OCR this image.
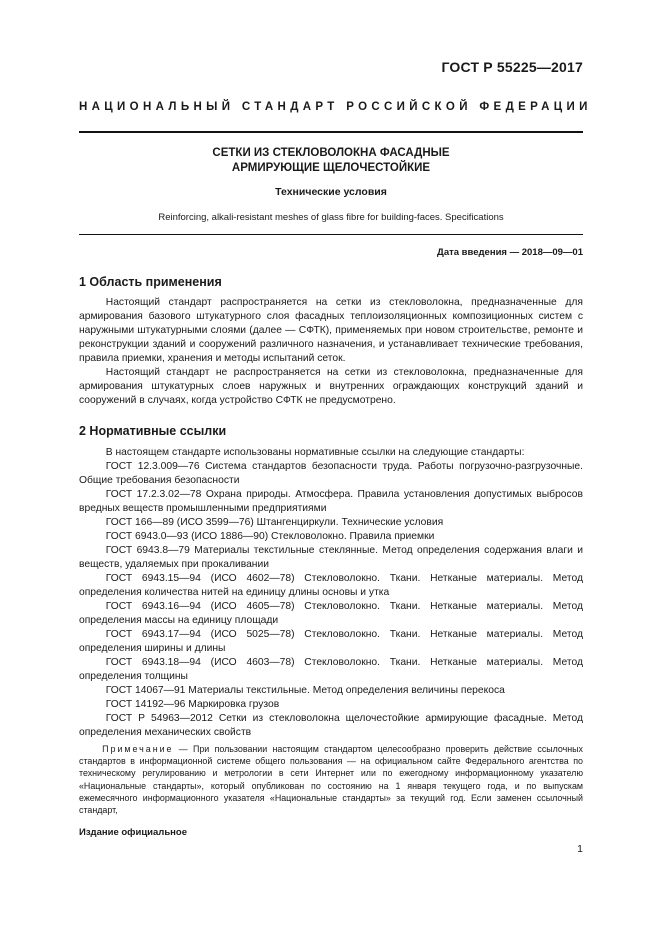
ГОСТ Р 55225—2017
НАЦИОНАЛЬНЫЙ СТАНДАРТ РОССИЙСКОЙ ФЕДЕРАЦИИ
СЕТКИ ИЗ СТЕКЛОВОЛОКНА ФАСАДНЫЕ
АРМИРУЮЩИЕ ЩЕЛОЧЕСТОЙКИЕ
Технические условия
Reinforcing, alkali-resistant meshes of glass fibre for building-faces. Specifications
Дата введения — 2018—09—01
1 Область применения

Настоящий стандарт распространяется на сетки из стекловолокна, предназначенные для армирования базового штукатурного слоя фасадных теплоизоляционных композиционных систем с наружными штукатурными слоями (далее — СФТК), применяемых при новом строительстве, ремонте и реконструкции зданий и сооружений различного назначения, и устанавливает технические требования, правила приемки, хранения и методы испытаний сеток.

Настоящий стандарт не распространяется на сетки из стекловолокна, предназначенные для армирования штукатурных слоев наружных и внутренних ограждающих конструкций зданий и сооружений в случаях, когда устройство СФТК не предусмотрено.

2 Нормативные ссылки

В настоящем стандарте использованы нормативные ссылки на следующие стандарты:

ГОСТ 12.3.009—76 Система стандартов безопасности труда. Работы погрузочно-разгрузочные. Общие требования безопасности

ГОСТ 17.2.3.02—78 Охрана природы. Атмосфера. Правила установления допустимых выбросов вредных веществ промышленными предприятиями

ГОСТ 166—89 (ИСО 3599—76) Штангенциркули. Технические условия

ГОСТ 6943.0—93 (ИСО 1886—90) Стекловолокно. Правила приемки

ГОСТ 6943.8—79 Материалы текстильные стеклянные. Метод определения содержания влаги и веществ, удаляемых при прокаливании

ГОСТ 6943.15—94 (ИСО 4602—78) Стекловолокно. Ткани. Нетканые материалы. Метод определения количества нитей на единицу длины основы и утка

ГОСТ 6943.16—94 (ИСО 4605—78) Стекловолокно. Ткани. Нетканые материалы. Метод определения массы на единицу площади

ГОСТ 6943.17—94 (ИСО 5025—78) Стекловолокно. Ткани. Нетканые материалы. Метод определения ширины и длины

ГОСТ 6943.18—94 (ИСО 4603—78) Стекловолокно. Ткани. Нетканые материалы. Метод определения толщины

ГОСТ 14067—91 Материалы текстильные. Метод определения величины перекоса

ГОСТ 14192—96 Маркировка грузов

ГОСТ Р 54963—2012 Сетки из стекловолокна щелочестойкие армирующие фасадные. Метод определения механических свойств

Примечание — При пользовании настоящим стандартом целесообразно проверить действие ссылочных стандартов в информационной системе общего пользования — на официальном сайте Федерального агентства по техническому регулированию и метрологии в сети Интернет или по ежегодному информационному указателю «Национальные стандарты», который опубликован по состоянию на 1 января текущего года, и по выпускам ежемесячного информационного указателя «Национальные стандарты» за текущий год. Если заменен ссылочный стандарт,

Издание официальное
1
